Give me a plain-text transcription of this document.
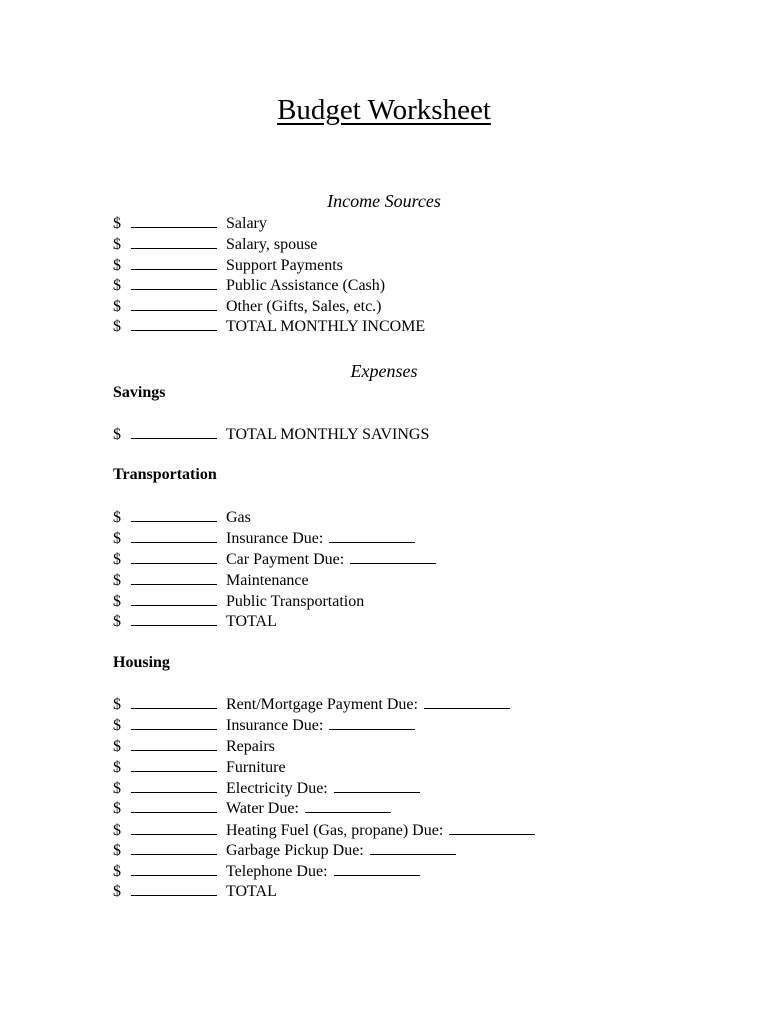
Budget Worksheet
Income Sources
$	Salary
$	Salary, spouse
$	Support Payments
$	Public Assistance (Cash)
$	Other (Gifts, Sales, etc.)
$	TOTAL MONTHLY INCOME
Expenses
Savings
$	TOTAL MONTHLY SAVINGS
Transportation
$	Gas
$	Insurance Due:
$	Car Payment Due:
$	Maintenance
$	Public Transportation
$	TOTAL
Housing
$	Rent/Mortgage Payment Due:
$	Insurance Due:
$	Repairs
$	Furniture
$	Electricity Due:
$	Water Due:
$	Heating Fuel (Gas, propane) Due:
$	Garbage Pickup Due:
$	Telephone Due:
$	TOTAL
